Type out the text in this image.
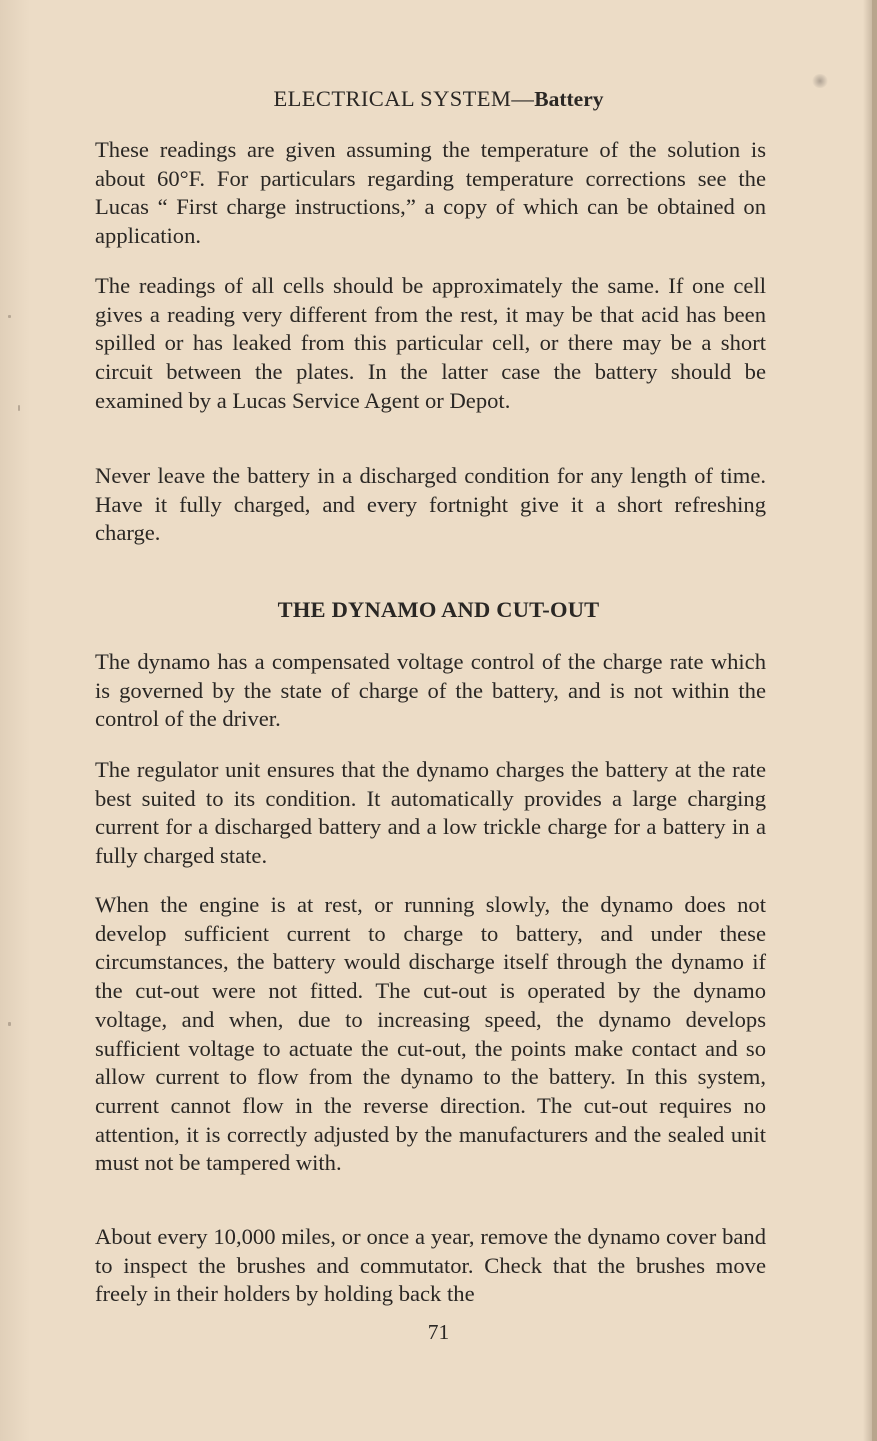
ELECTRICAL SYSTEM—Battery

These readings are given assuming the temperature of the solution is about 60°F. For particulars regarding temperature corrections see the Lucas “ First charge instructions,” a copy of which can be obtained on application.

The readings of all cells should be approximately the same. If one cell gives a reading very different from the rest, it may be that acid has been spilled or has leaked from this particular cell, or there may be a short circuit between the plates. In the latter case the battery should be examined by a Lucas Service Agent or Depot.

Never leave the battery in a discharged condition for any length of time. Have it fully charged, and every fortnight give it a short refreshing charge.

THE DYNAMO AND CUT-OUT

The dynamo has a compensated voltage control of the charge rate which is governed by the state of charge of the battery, and is not within the control of the driver.

The regulator unit ensures that the dynamo charges the battery at the rate best suited to its condition. It automatically provides a large charging current for a discharged battery and a low trickle charge for a battery in a fully charged state.

When the engine is at rest, or running slowly, the dynamo does not develop sufficient current to charge to battery, and under these circumstances, the battery would discharge itself through the dynamo if the cut-out were not fitted. The cut-out is operated by the dynamo voltage, and when, due to increasing speed, the dynamo develops sufficient voltage to actuate the cut-out, the points make contact and so allow current to flow from the dynamo to the battery. In this system, current cannot flow in the reverse direction. The cut-out requires no attention, it is correctly adjusted by the manufacturers and the sealed unit must not be tampered with.

About every 10,000 miles, or once a year, remove the dynamo cover band to inspect the brushes and commutator. Check that the brushes move freely in their holders by holding back the

71
